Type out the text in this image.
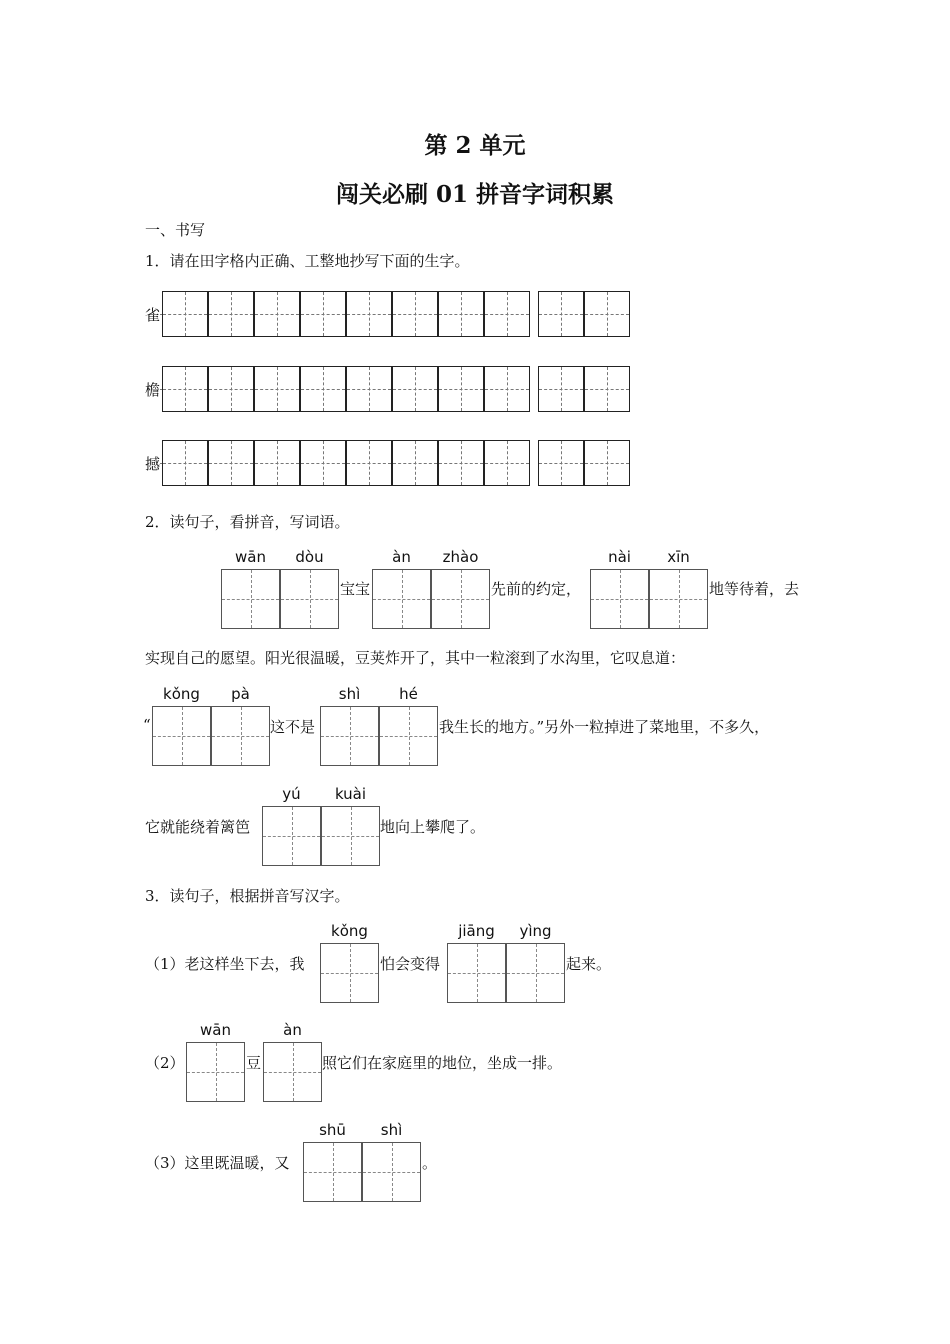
第 2 单元
闯关必刷 01 拼音字词积累
一、书写
1．请在田字格内正确、工整地抄写下面的生字。
雀
檐
撼
2．读句子，看拼音，写词语。
wān	dòu
宝宝
àn	zhào
先前的约定，
nài	xīn
地等待着，去
实现自己的愿望。阳光很温暖，豆荚炸开了，其中一粒滚到了水沟里，它叹息道：
“
kǒng	pà
这不是
shì	hé
我生长的地方。”另外一粒掉进了菜地里，不多久，
它就能绕着篱笆
yú	kuài
地向上攀爬了。
3．读句子，根据拼音写汉字。
（1）老这样坐下去，我
kǒng
怕会变得
jiāng	yìng
起来。
（2）
wān
豆
àn
照它们在家庭里的地位，坐成一排。
（3）这里既温暖，又
shū	shì
。
